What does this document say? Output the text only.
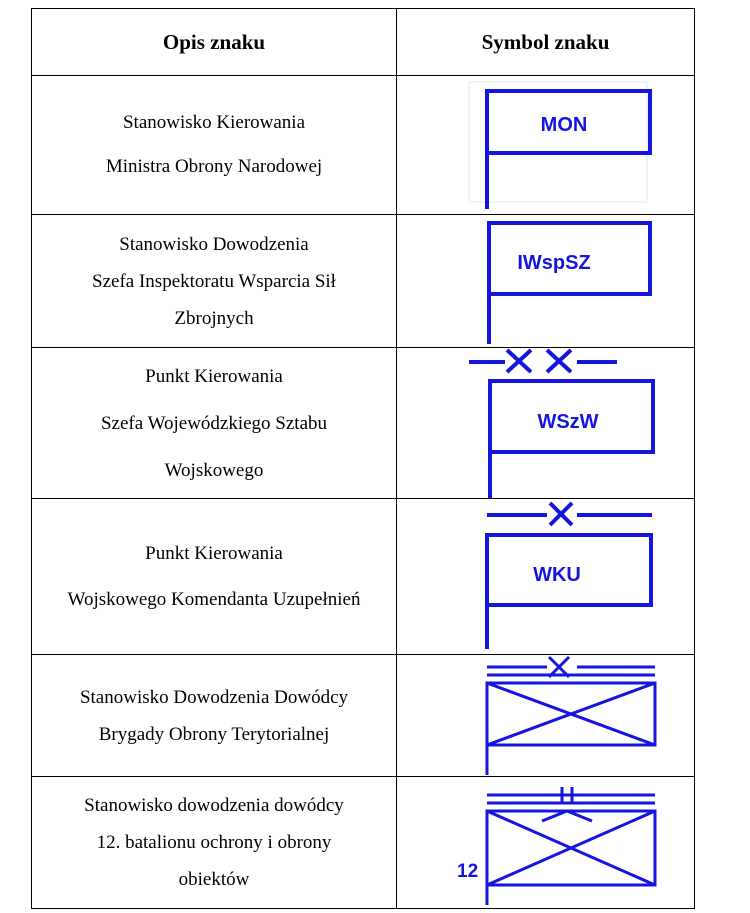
Opis znaku	Symbol znaku

Stanowisko Kierowania
Ministra Obrony Narodowej	MON

Stanowisko Dowodzenia
Szefa Inspektoratu Wsparcia Sił
Zbrojnych	IWspSZ

Punkt Kierowania
Szefa Wojewódzkiego Sztabu
Wojskowego	WSzW

Punkt Kierowania
Wojskowego Komendanta Uzupełnień	WKU

Stanowisko Dowodzenia Dowódcy
Brygady Obrony Terytorialnej

Stanowisko dowodzenia dowódcy
12. batalionu ochrony i obrony
obiektów	12
